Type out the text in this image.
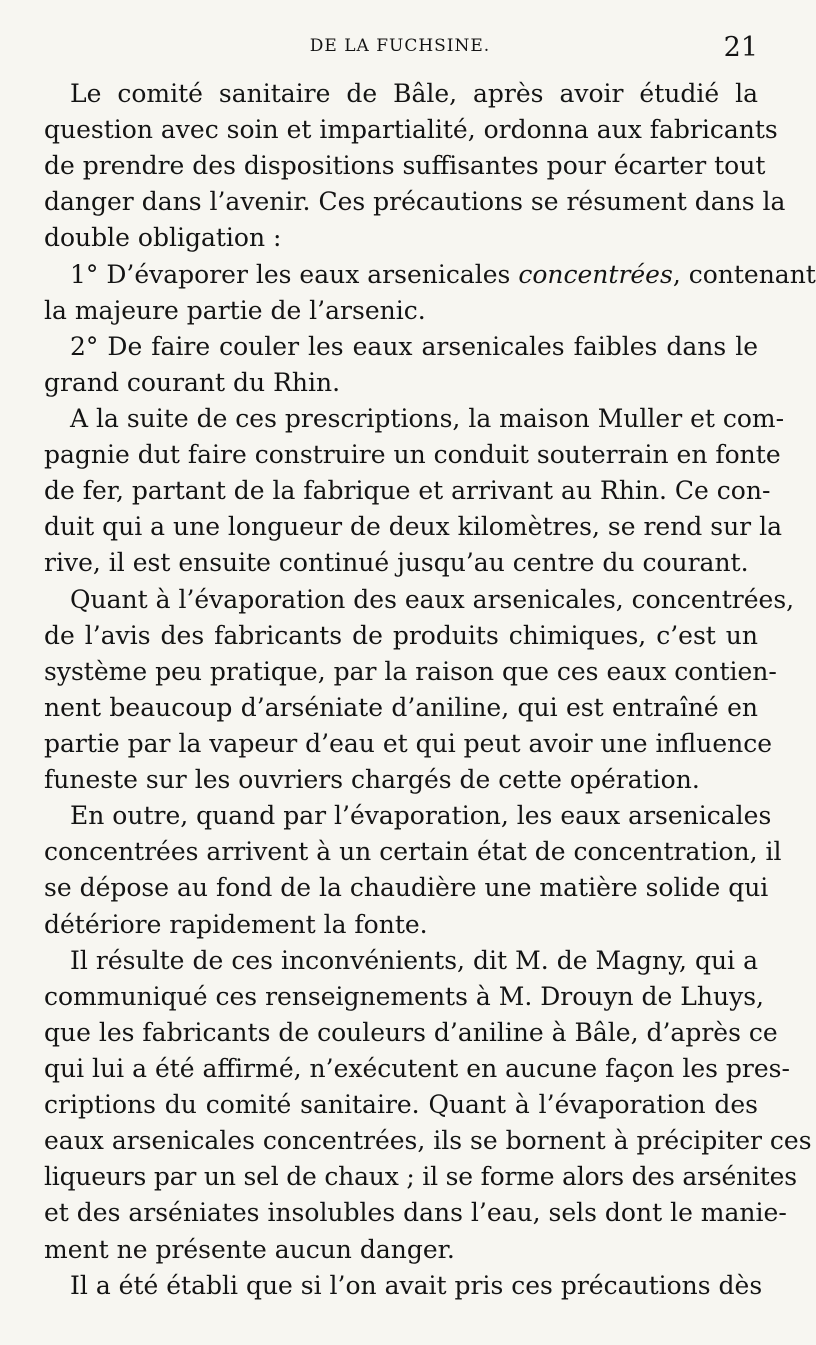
DE LA FUCHSINE.	21
Le comité sanitaire de Bâle, après avoir étudié la
question avec soin et impartialité, ordonna aux fabricants
de prendre des dispositions suffisantes pour écarter tout
danger dans l’avenir. Ces précautions se résument dans la
double obligation :
1° D’évaporer les eaux arsenicales concentrées, contenant
la majeure partie de l’arsenic.
2° De faire couler les eaux arsenicales faibles dans le
grand courant du Rhin.
A la suite de ces prescriptions, la maison Muller et com-
pagnie dut faire construire un conduit souterrain en fonte
de fer, partant de la fabrique et arrivant au Rhin. Ce con-
duit qui a une longueur de deux kilomètres, se rend sur la
rive, il est ensuite continué jusqu’au centre du courant.
Quant à l’évaporation des eaux arsenicales, concentrées,
de l’avis des fabricants de produits chimiques, c’est un
système peu pratique, par la raison que ces eaux contien-
nent beaucoup d’arséniate d’aniline, qui est entraîné en
partie par la vapeur d’eau et qui peut avoir une influence
funeste sur les ouvriers chargés de cette opération.
En outre, quand par l’évaporation, les eaux arsenicales
concentrées arrivent à un certain état de concentration, il
se dépose au fond de la chaudière une matière solide qui
détériore rapidement la fonte.
Il résulte de ces inconvénients, dit M. de Magny, qui a
communiqué ces renseignements à M. Drouyn de Lhuys,
que les fabricants de couleurs d’aniline à Bâle, d’après ce
qui lui a été affirmé, n’exécutent en aucune façon les pres-
criptions du comité sanitaire. Quant à l’évaporation des
eaux arsenicales concentrées, ils se bornent à précipiter ces
liqueurs par un sel de chaux ; il se forme alors des arsénites
et des arséniates insolubles dans l’eau, sels dont le manie-
ment ne présente aucun danger.
Il a été établi que si l’on avait pris ces précautions dès
